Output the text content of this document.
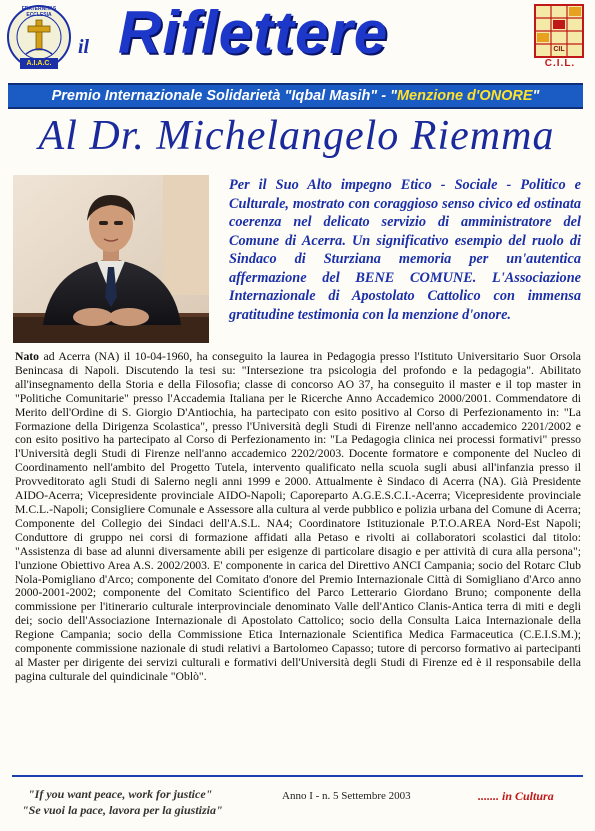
FRATERNITAS ECCLESIA
A.I.A.C.
il Riflettere	CIL
C.I.L.
Premio Internazionale Solidarietà "Iqbal Masih" - "Menzione d'ONORE"
Al Dr. Michelangelo Riemma
Per il Suo Alto impegno Etico - Sociale - Politico e Culturale, mostrato con coraggioso senso civico ed ostinata coerenza nel delicato servizio di amministratore del Comune di Acerra. Un significativo esempio del ruolo di Sindaco di Sturziana memoria per un'autentica affermazione del BENE COMUNE. L'Associazione Internazionale di Apostolato Cattolico con immensa gratitudine testimonia con la menzione d'onore.
Nato ad Acerra (NA) il 10-04-1960, ha conseguito la laurea in Pedagogia presso l'Istituto Universitario Suor Orsola Benincasa di Napoli. Discutendo la tesi su: "Intersezione tra psicologia del profondo e la pedagogia". Abilitato all'insegnamento della Storia e della Filosofia; classe di concorso AO 37, ha conseguito il master e il top master in "Politiche Comunitarie" presso l'Accademia Italiana per le Ricerche Anno Accademico 2000/2001. Commendatore di Merito dell'Ordine di S. Giorgio D'Antiochia, ha partecipato con esito positivo al Corso di Perfezionamento in: "La Formazione della Dirigenza Scolastica", presso l'Università degli Studi di Firenze nell'anno accademico 2201/2002 e con esito positivo ha partecipato al Corso di Perfezionamento in: "La Pedagogia clinica nei processi formativi" presso l'Università degli Studi di Firenze nell'anno accademico 2202/2003. Docente formatore e componente del Nucleo di Coordinamento nell'ambito del Progetto Tutela, intervento qualificato nella scuola sugli abusi all'infanzia presso il Provveditorato agli Studi di Salerno negli anni 1999 e 2000. Attualmente è Sindaco di Acerra (NA). Già Presidente AIDO-Acerra; Vicepresidente provinciale AIDO-Napoli; Caporeparto A.G.E.S.C.I.-Acerra; Vicepresidente provinciale M.C.L.-Napoli; Consigliere Comunale e Assessore alla cultura al verde pubblico e polizia urbana del Comune di Acerra; Componente del Collegio dei Sindaci dell'A.S.L. NA4; Coordinatore Istituzionale P.T.O.AREA Nord-Est Napoli; Conduttore di gruppo nei corsi di formazione affidati alla Petaso e rivolti ai collaboratori scolastici dal titolo: "Assistenza di base ad alunni diversamente abili per esigenze di particolare disagio e per attività di cura alla persona"; l'unzione Obiettivo Area A.S. 2002/2003. E' componente in carica del Direttivo ANCI Campania; socio del Rotarc Club Nola-Pomigliano d'Arco; componente del Comitato d'onore del Premio Internazionale Città di Somigliano d'Arco anno 2000-2001-2002; componente del Comitato Scientifico del Parco Letterario Giordano Bruno; componente della commissione per l'itinerario culturale interprovinciale denominato Valle dell'Antico Clanis-Antica terra di miti e degli dei; socio dell'Associazione Internazionale di Apostolato Cattolico; socio della Consulta Laica Internazionale della Regione Campania; socio della Commissione Etica Internazionale Scientifica Medica Farmaceutica (C.E.I.S.M.); componente commissione nazionale di studi relativi a Bartolomeo Capasso; tutore di percorso formativo ai partecipanti al Master per dirigente dei servizi culturali e formativi dell'Università degli Studi di Firenze ed è il responsabile della pagina culturale del quindicinale "Oblò".
"If you want peace, work for justice"
"Se vuoi la pace, lavora per la giustizia"
Anno I - n. 5 Settembre 2003	....... in Cultura
